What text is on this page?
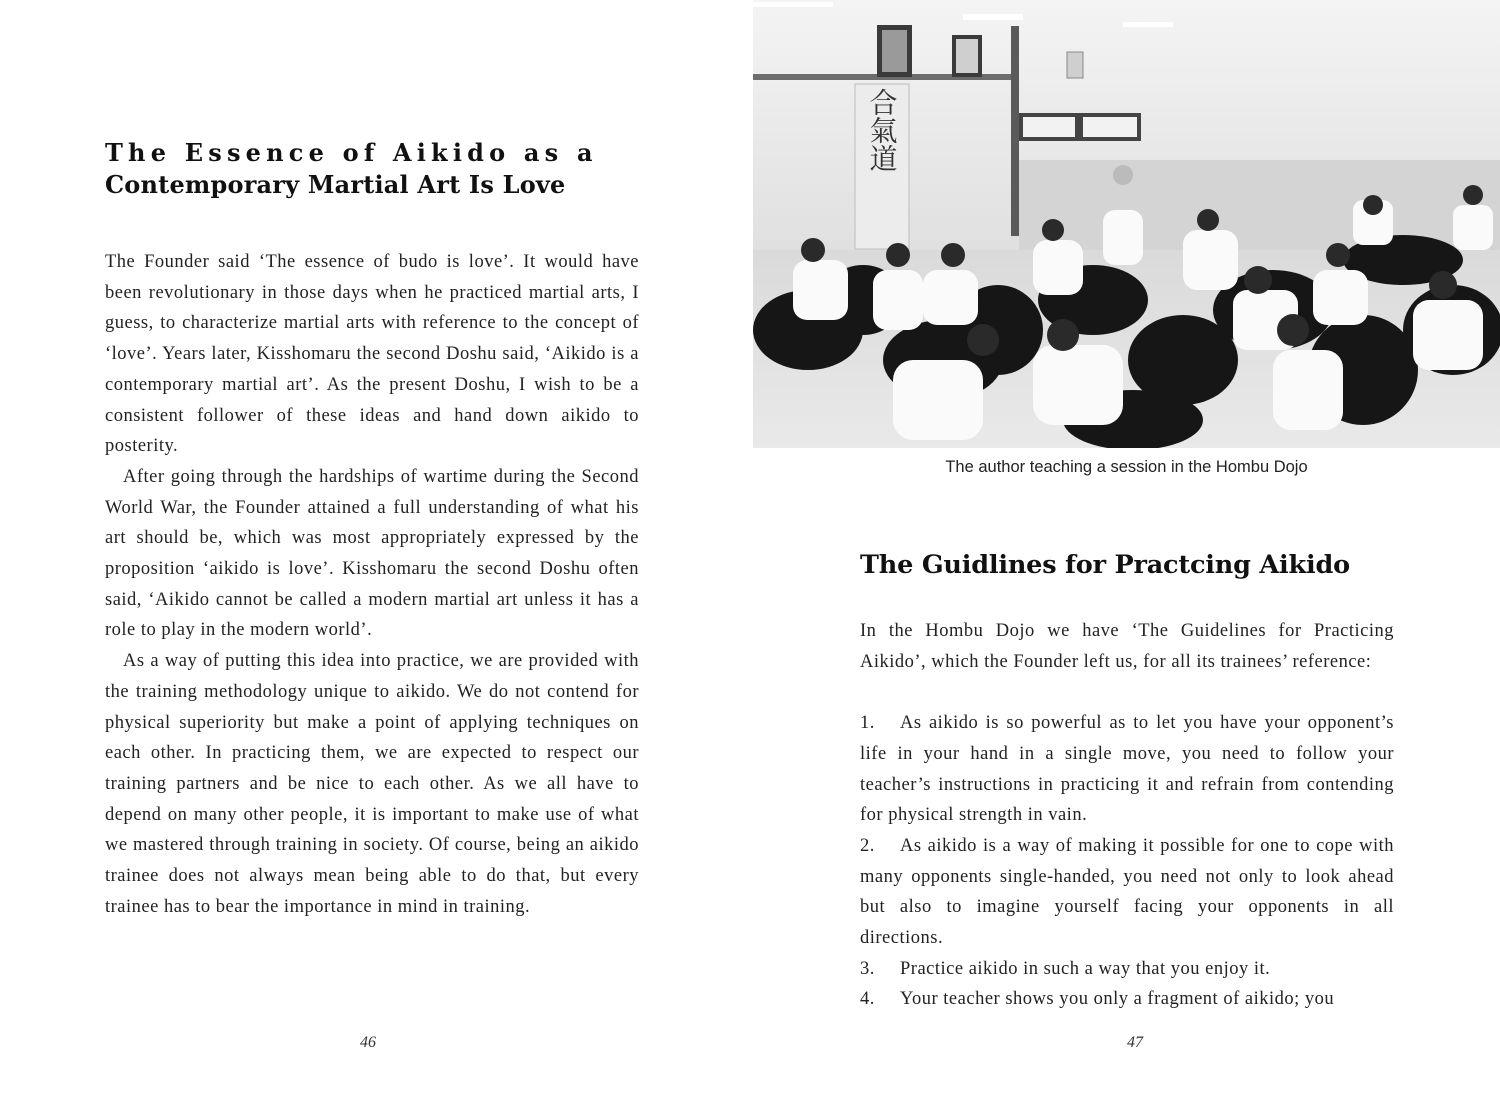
The Essence of Aikido as a
Contemporary Martial Art Is Love

The Founder said ‘The essence of budo is love’. It would have been revolutionary in those days when he practiced martial arts, I guess, to characterize martial arts with reference to the concept of ‘love’. Years later, Kisshomaru the second Doshu said, ‘Aikido is a contemporary martial art’. As the present Doshu, I wish to be a consistent follower of these ideas and hand down aikido to posterity.

After going through the hardships of wartime during the Second World War, the Founder attained a full understanding of what his art should be, which was most appropriately expressed by the proposition ‘aikido is love’. Kisshomaru the second Doshu often said, ‘Aikido cannot be called a modern martial art unless it has a role to play in the modern world’.

As a way of putting this idea into practice, we are provided with the training methodology unique to aikido. We do not contend for physical superiority but make a point of applying techniques on each other. In practicing them, we are expected to respect our training partners and be nice to each other. As we all have to depend on many other people, it is important to make use of what we mastered through training in society. Of course, being an aikido trainee does not always mean being able to do that, but every trainee has to bear the importance in mind in training.

46
合氣道
The author teaching a session in the Hombu Dojo
The Guidlines for Practcing Aikido

In the Hombu Dojo we have ‘The Guidelines for Practicing Aikido’, which the Founder left us, for all its trainees’ reference:

1. As aikido is so powerful as to let you have your opponent’s life in your hand in a single move, you need to follow your teacher’s instructions in practicing it and refrain from contending for physical strength in vain.

2. As aikido is a way of making it possible for one to cope with many opponents single-handed, you need not only to look ahead but also to imagine yourself facing your opponents in all directions.

3. Practice aikido in such a way that you enjoy it.

4. Your teacher shows you only a fragment of aikido; you

47
